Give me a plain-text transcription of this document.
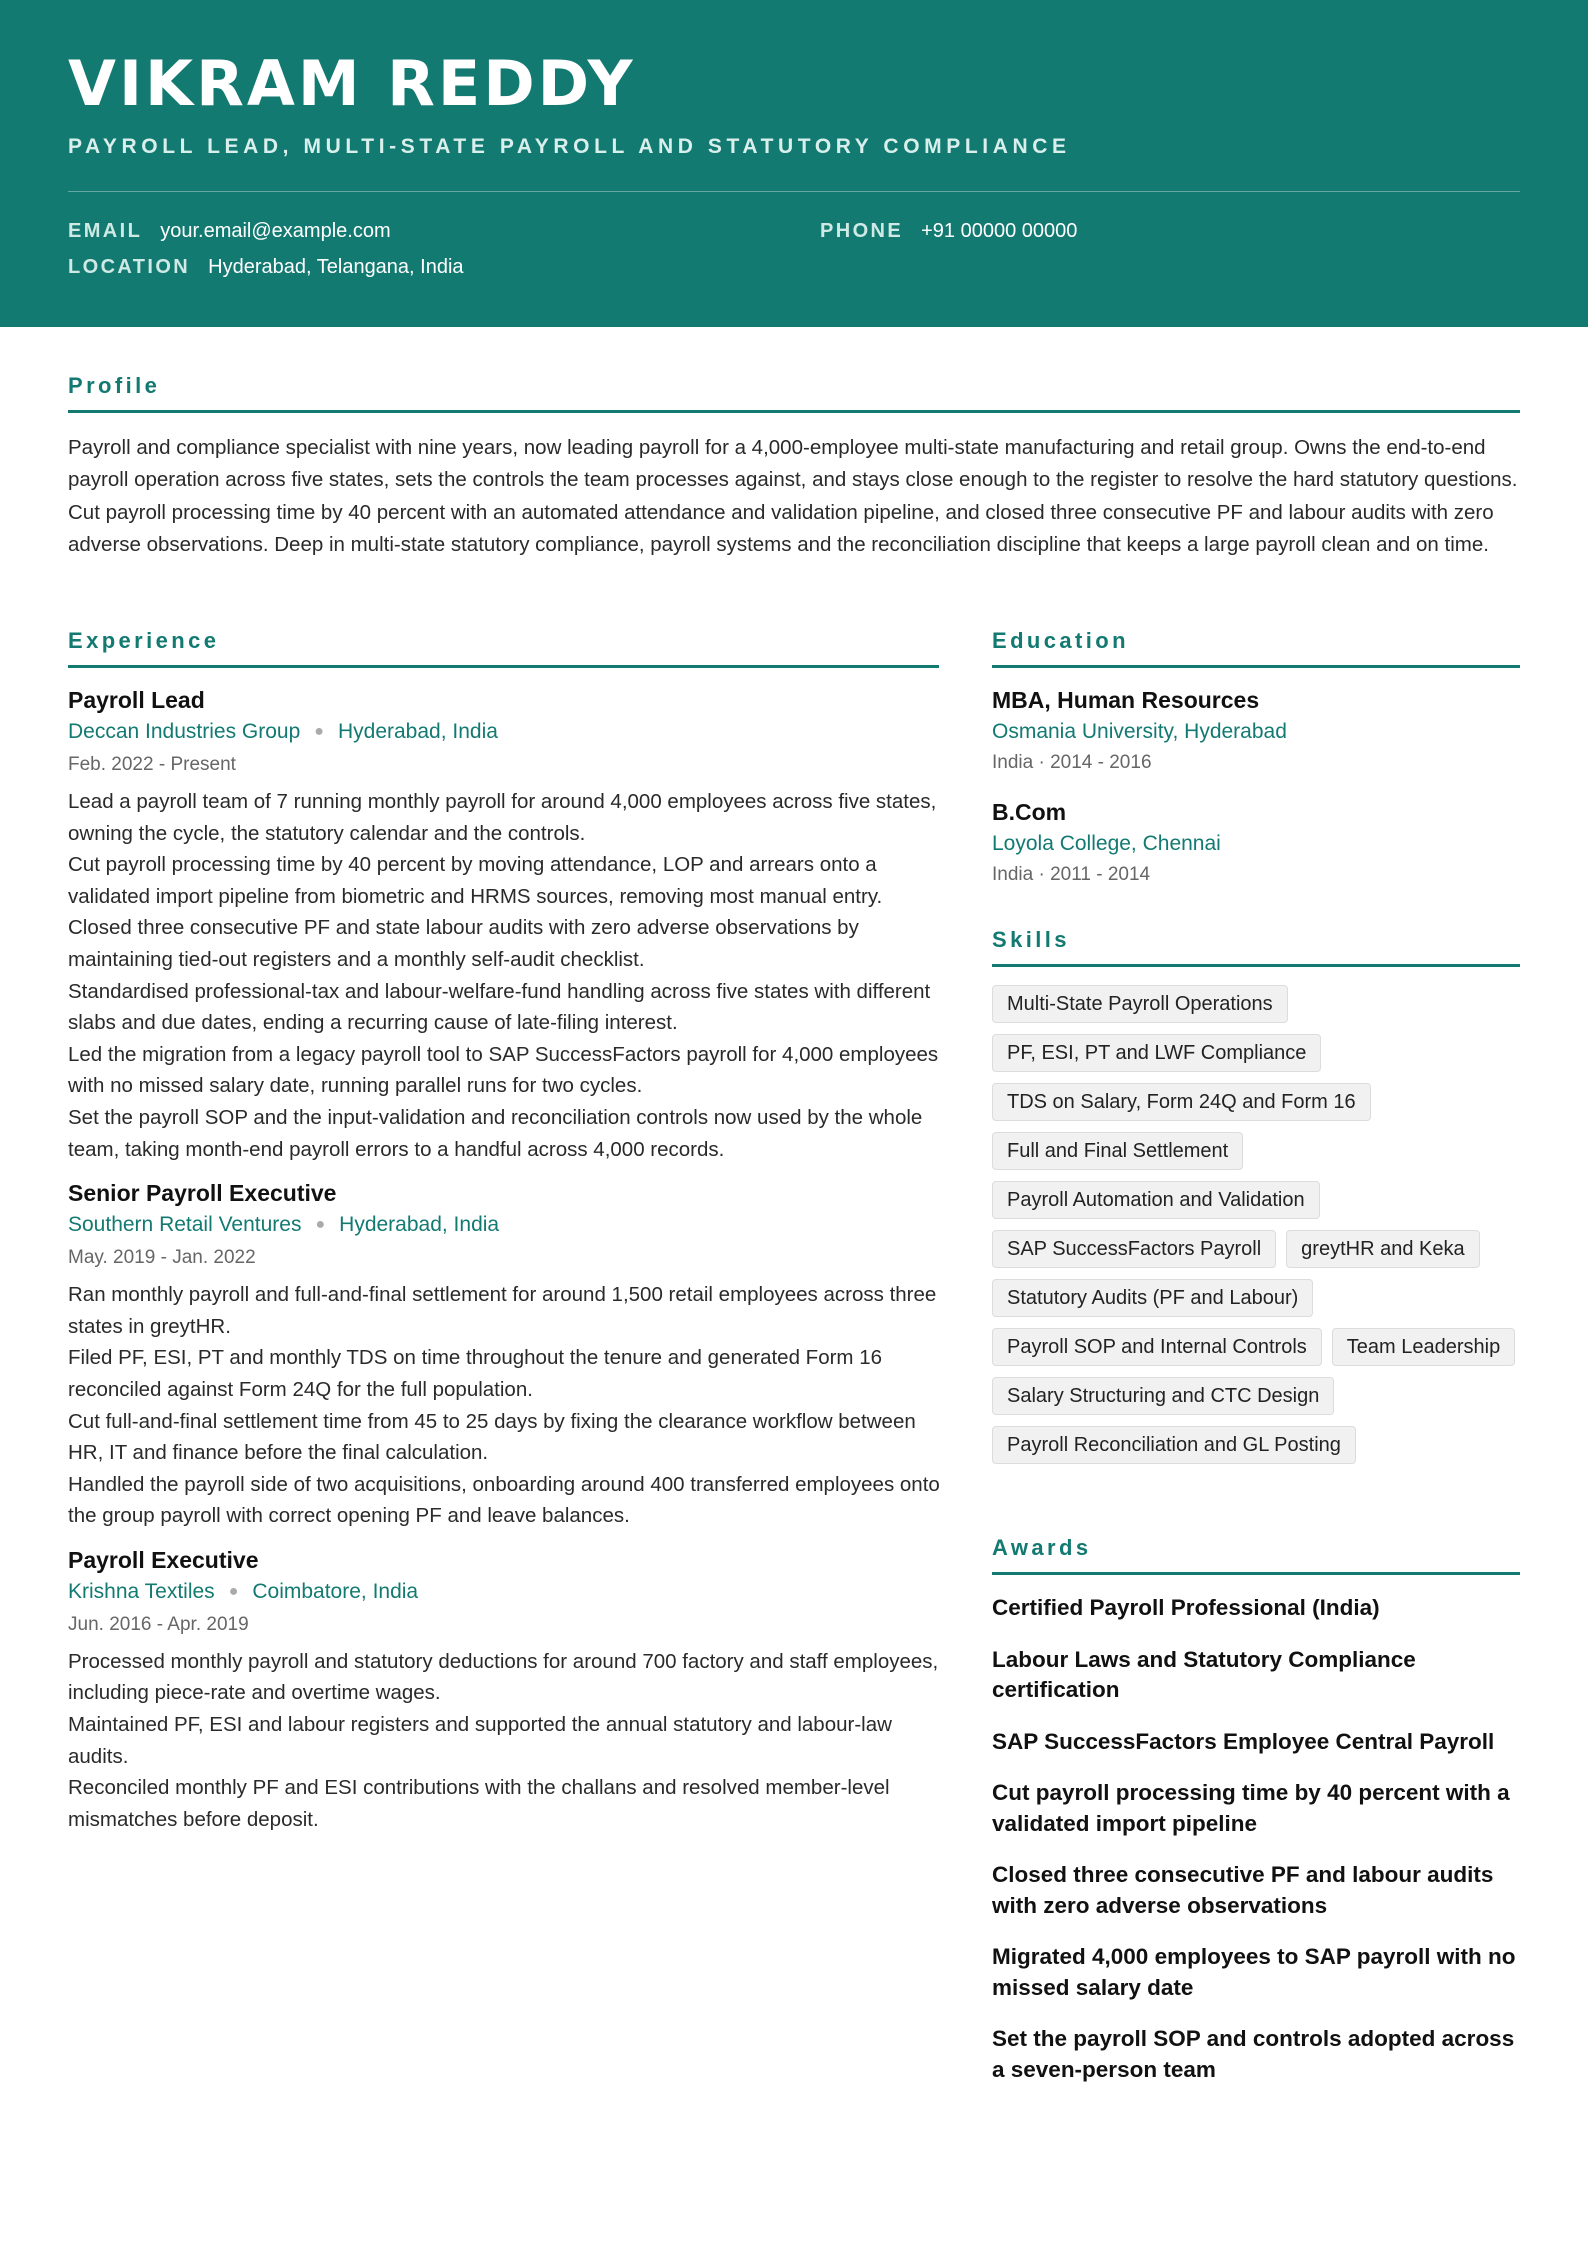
VIKRAM REDDY
PAYROLL LEAD, MULTI-STATE PAYROLL AND STATUTORY COMPLIANCE
EMAIL your.email@example.com	PHONE +91 00000 00000
LOCATION Hyderabad, Telangana, India
Profile

Payroll and compliance specialist with nine years, now leading payroll for a 4,000-employee multi-state manufacturing and retail group. Owns the end-to-end payroll operation across five states, sets the controls the team processes against, and stays close enough to the register to resolve the hard statutory questions. Cut payroll processing time by 40 percent with an automated attendance and validation pipeline, and closed three consecutive PF and labour audits with zero adverse observations. Deep in multi-state statutory compliance, payroll systems and the reconciliation discipline that keeps a large payroll clean and on time.

Experience
Payroll Lead
Deccan Industries Group ● Hyderabad, India
Feb. 2022 - Present
Lead a payroll team of 7 running monthly payroll for around 4,000 employees across five states, owning the cycle, the statutory calendar and the controls.
Cut payroll processing time by 40 percent by moving attendance, LOP and arrears onto a validated import pipeline from biometric and HRMS sources, removing most manual entry.
Closed three consecutive PF and state labour audits with zero adverse observations by maintaining tied-out registers and a monthly self-audit checklist.
Standardised professional-tax and labour-welfare-fund handling across five states with different slabs and due dates, ending a recurring cause of late-filing interest.
Led the migration from a legacy payroll tool to SAP SuccessFactors payroll for 4,000 employees with no missed salary date, running parallel runs for two cycles.
Set the payroll SOP and the input-validation and reconciliation controls now used by the whole team, taking month-end payroll errors to a handful across 4,000 records.
Senior Payroll Executive
Southern Retail Ventures ● Hyderabad, India
May. 2019 - Jan. 2022
Ran monthly payroll and full-and-final settlement for around 1,500 retail employees across three states in greytHR.
Filed PF, ESI, PT and monthly TDS on time throughout the tenure and generated Form 16 reconciled against Form 24Q for the full population.
Cut full-and-final settlement time from 45 to 25 days by fixing the clearance workflow between HR, IT and finance before the final calculation.
Handled the payroll side of two acquisitions, onboarding around 400 transferred employees onto the group payroll with correct opening PF and leave balances.
Payroll Executive
Krishna Textiles ● Coimbatore, India
Jun. 2016 - Apr. 2019
Processed monthly payroll and statutory deductions for around 700 factory and staff employees, including piece-rate and overtime wages.
Maintained PF, ESI and labour registers and supported the annual statutory and labour-law audits.
Reconciled monthly PF and ESI contributions with the challans and resolved member-level mismatches before deposit.
Education
MBA, Human Resources
Osmania University, Hyderabad
India · 2014 - 2016
B.Com
Loyola College, Chennai
India · 2011 - 2014
Skills
Multi-State Payroll Operations
PF, ESI, PT and LWF Compliance
TDS on Salary, Form 24Q and Form 16
Full and Final Settlement
Payroll Automation and Validation
SAP SuccessFactors Payroll	greytHR and Keka
Statutory Audits (PF and Labour)
Payroll SOP and Internal Controls	Team Leadership
Salary Structuring and CTC Design
Payroll Reconciliation and GL Posting
Awards
Certified Payroll Professional (India)
Labour Laws and Statutory Compliance certification
SAP SuccessFactors Employee Central Payroll
Cut payroll processing time by 40 percent with a validated import pipeline
Closed three consecutive PF and labour audits with zero adverse observations
Migrated 4,000 employees to SAP payroll with no missed salary date
Set the payroll SOP and controls adopted across a seven-person team
